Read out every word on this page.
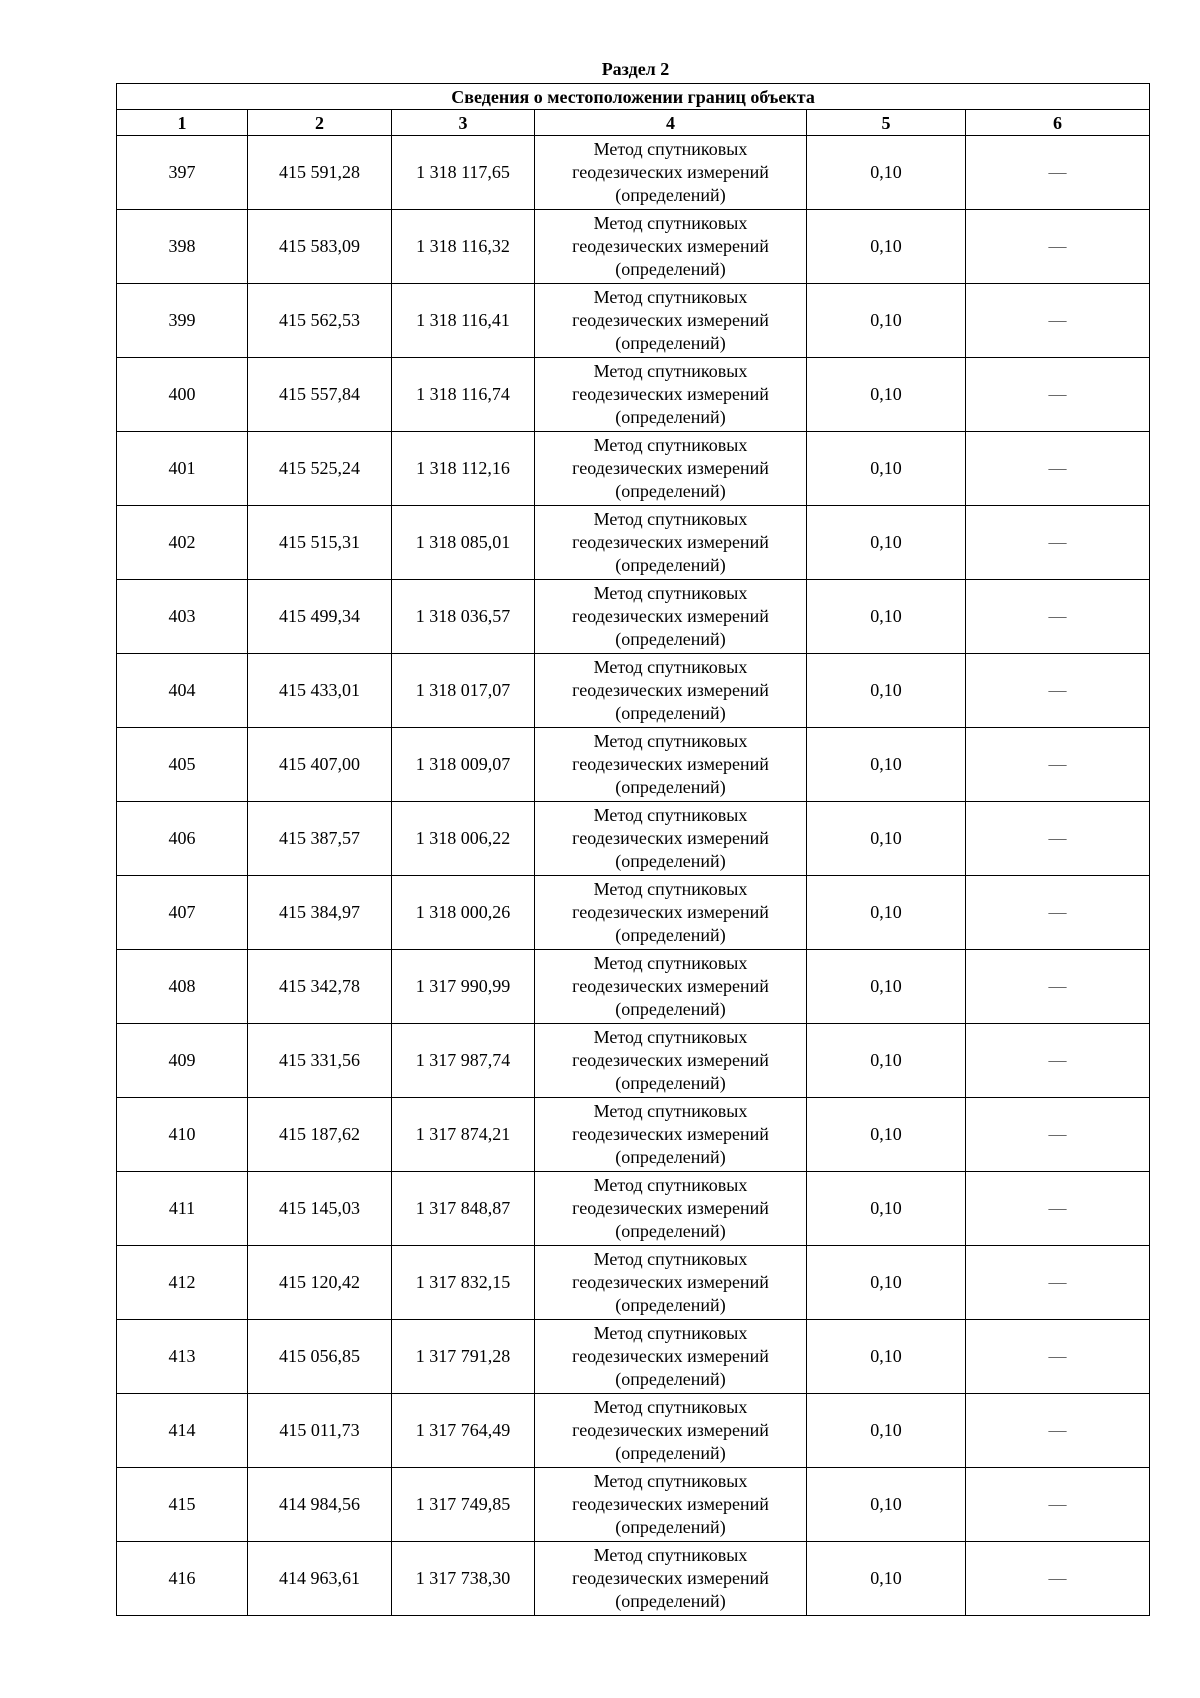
Раздел 2
Сведения о местоположении границ объекта					
1	2	3	4	5	6
397	415 591,28	1 318 117,65	Метод спутниковых
геодезических измерений
(определений)	0,10	—
398	415 583,09	1 318 116,32	Метод спутниковых
геодезических измерений
(определений)	0,10	—
399	415 562,53	1 318 116,41	Метод спутниковых
геодезических измерений
(определений)	0,10	—
400	415 557,84	1 318 116,74	Метод спутниковых
геодезических измерений
(определений)	0,10	—
401	415 525,24	1 318 112,16	Метод спутниковых
геодезических измерений
(определений)	0,10	—
402	415 515,31	1 318 085,01	Метод спутниковых
геодезических измерений
(определений)	0,10	—
403	415 499,34	1 318 036,57	Метод спутниковых
геодезических измерений
(определений)	0,10	—
404	415 433,01	1 318 017,07	Метод спутниковых
геодезических измерений
(определений)	0,10	—
405	415 407,00	1 318 009,07	Метод спутниковых
геодезических измерений
(определений)	0,10	—
406	415 387,57	1 318 006,22	Метод спутниковых
геодезических измерений
(определений)	0,10	—
407	415 384,97	1 318 000,26	Метод спутниковых
геодезических измерений
(определений)	0,10	—
408	415 342,78	1 317 990,99	Метод спутниковых
геодезических измерений
(определений)	0,10	—
409	415 331,56	1 317 987,74	Метод спутниковых
геодезических измерений
(определений)	0,10	—
410	415 187,62	1 317 874,21	Метод спутниковых
геодезических измерений
(определений)	0,10	—
411	415 145,03	1 317 848,87	Метод спутниковых
геодезических измерений
(определений)	0,10	—
412	415 120,42	1 317 832,15	Метод спутниковых
геодезических измерений
(определений)	0,10	—
413	415 056,85	1 317 791,28	Метод спутниковых
геодезических измерений
(определений)	0,10	—
414	415 011,73	1 317 764,49	Метод спутниковых
геодезических измерений
(определений)	0,10	—
415	414 984,56	1 317 749,85	Метод спутниковых
геодезических измерений
(определений)	0,10	—
416	414 963,61	1 317 738,30	Метод спутниковых
геодезических измерений
(определений)	0,10	—
